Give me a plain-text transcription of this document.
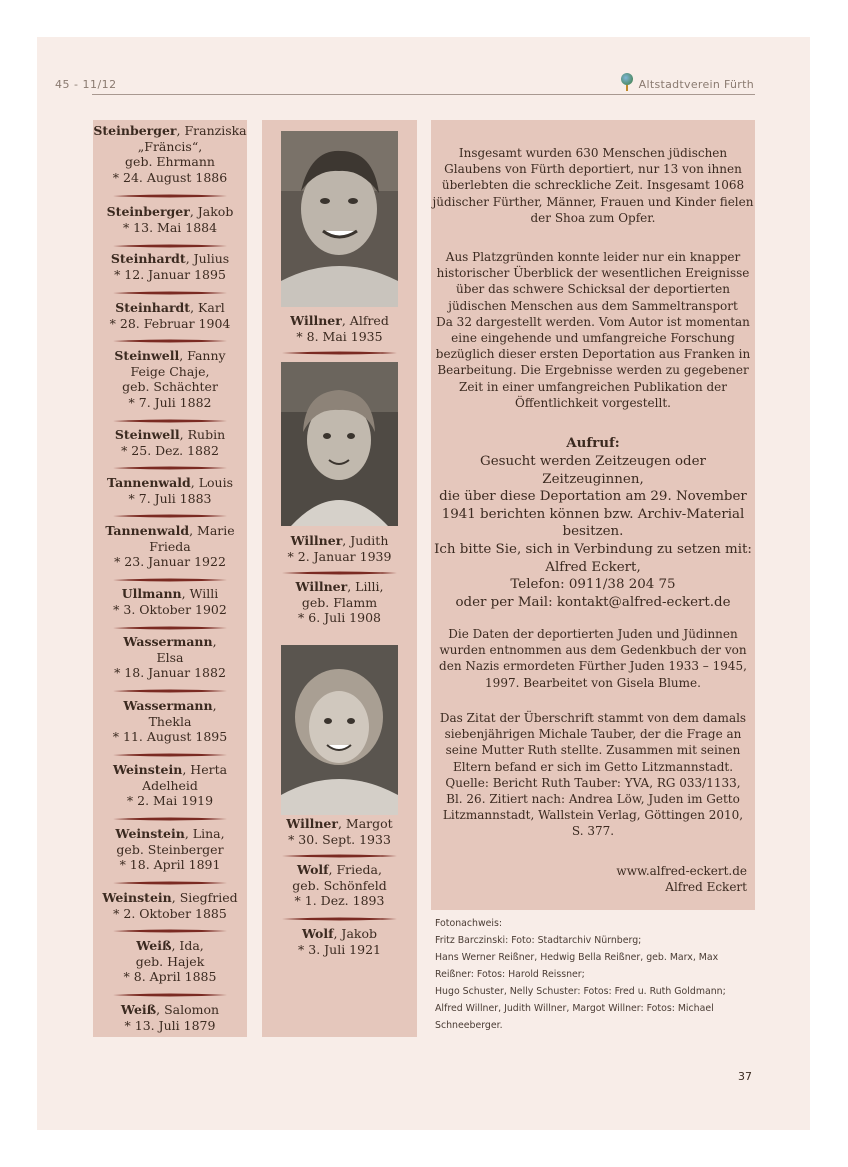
45 - 11/12	Altstadtverein Fürth
Steinberger, Franziska
„Fräncis“,
geb. Ehrmann
* 24. August 1886
Steinberger, Jakob
* 13. Mai 1884
Steinhardt, Julius
* 12. Januar 1895
Steinhardt, Karl
* 28. Februar 1904
Steinwell, Fanny
Feige Chaje,
geb. Schächter
* 7. Juli 1882
Steinwell, Rubin
* 25. Dez. 1882
Tannenwald, Louis
* 7. Juli 1883
Tannenwald, Marie
Frieda
* 23. Januar 1922
Ullmann, Willi
* 3. Oktober 1902
Wassermann,
Elsa
* 18. Januar 1882
Wassermann,
Thekla
* 11. August 1895
Weinstein, Herta
Adelheid
* 2. Mai 1919
Weinstein, Lina,
geb. Steinberger
* 18. April 1891
Weinstein, Siegfried
* 2. Oktober 1885
Weiß, Ida,
geb. Hajek
* 8. April 1885
Weiß, Salomon
* 13. Juli 1879
Willner, Alfred
* 8. Mai 1935
Willner, Judith
* 2. Januar 1939
Willner, Lilli,
geb. Flamm
* 6. Juli 1908
Willner, Margot
* 30. Sept. 1933
Wolf, Frieda,
geb. Schönfeld
* 1. Dez. 1893
Wolf, Jakob
* 3. Juli 1921
Insgesamt wurden 630 Menschen jüdischen
Glaubens von Fürth deportiert, nur 13 von ihnen
überlebten die schreckliche Zeit. Insgesamt 1068
jüdischer Fürther, Männer, Frauen und Kinder fielen
der Shoa zum Opfer.
Aus Platzgründen konnte leider nur ein knapper
historischer Überblick der wesentlichen Ereignisse
über das schwere Schicksal der deportierten
jüdischen Menschen aus dem Sammeltransport
Da 32 dargestellt werden. Vom Autor ist momentan
eine eingehende und umfangreiche Forschung
bezüglich dieser ersten Deportation aus Franken in
Bearbeitung. Die Ergebnisse werden zu gegebener
Zeit in einer umfangreichen Publikation der
Öffentlichkeit vorgestellt.
Aufruf:
Gesucht werden Zeitzeugen oder Zeitzeuginnen,
die über diese Deportation am 29. November
1941 berichten können bzw. Archiv-Material
besitzen.
Ich bitte Sie, sich in Verbindung zu setzen mit:
Alfred Eckert,
Telefon: 0911/38 204 75
oder per Mail: kontakt@alfred-eckert.de
Die Daten der deportierten Juden und Jüdinnen
wurden entnommen aus dem Gedenkbuch der von
den Nazis ermordeten Fürther Juden 1933 – 1945,
1997. Bearbeitet von Gisela Blume.
Das Zitat der Überschrift stammt von dem damals
siebenjährigen Michale Tauber, der die Frage an
seine Mutter Ruth stellte. Zusammen mit seinen
Eltern befand er sich im Getto Litzmannstadt.
Quelle: Bericht Ruth Tauber: YVA, RG 033/1133,
Bl. 26. Zitiert nach: Andrea Löw, Juden im Getto
Litzmannstadt, Wallstein Verlag, Göttingen 2010,
S. 377.
www.alfred-eckert.de
Alfred Eckert
Fotonachweis:
Fritz Barczinski: Foto: Stadtarchiv Nürnberg;
Hans Werner Reißner, Hedwig Bella Reißner, geb. Marx, Max
Reißner: Fotos: Harold Reissner;
Hugo Schuster, Nelly Schuster: Fotos: Fred u. Ruth Goldmann;
Alfred Willner, Judith Willner, Margot Willner: Fotos: Michael
Schneeberger.
37
